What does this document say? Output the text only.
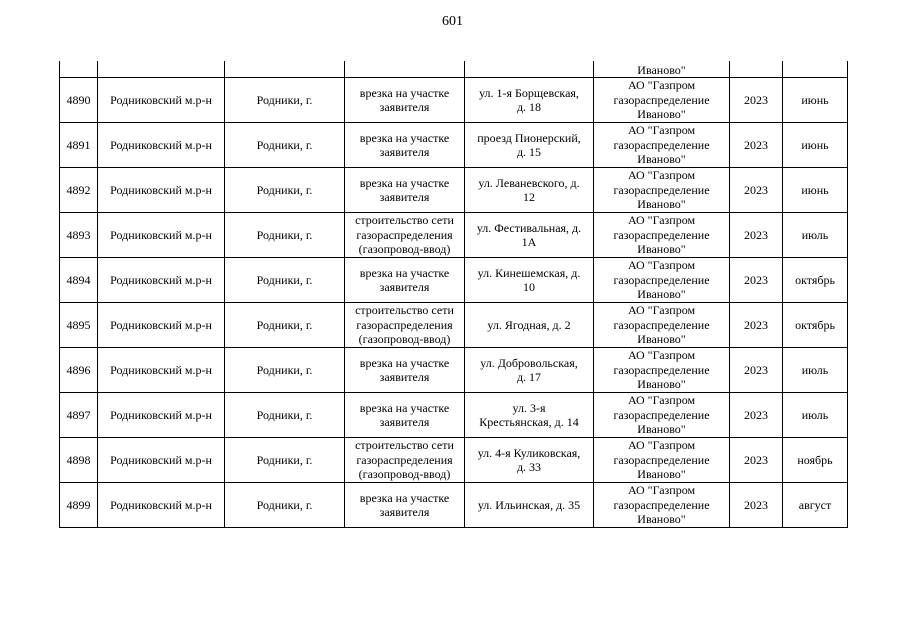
601
					Иваново"		
4890	Родниковский м.р-н	Родники, г.	врезка на участке
заявителя	ул. 1-я Борщевская,
д. 18	АО "Газпром
газораспределение
Иваново"	2023	июнь
4891	Родниковский м.р-н	Родники, г.	врезка на участке
заявителя	проезд Пионерский,
д. 15	АО "Газпром
газораспределение
Иваново"	2023	июнь
4892	Родниковский м.р-н	Родники, г.	врезка на участке
заявителя	ул. Леваневского, д.
12	АО "Газпром
газораспределение
Иваново"	2023	июнь
4893	Родниковский м.р-н	Родники, г.	строительство сети
газораспределения
(газопровод-ввод)	ул. Фестивальная, д.
1А	АО "Газпром
газораспределение
Иваново"	2023	июль
4894	Родниковский м.р-н	Родники, г.	врезка на участке
заявителя	ул. Кинешемская, д.
10	АО "Газпром
газораспределение
Иваново"	2023	октябрь
4895	Родниковский м.р-н	Родники, г.	строительство сети
газораспределения
(газопровод-ввод)	ул. Ягодная, д. 2	АО "Газпром
газораспределение
Иваново"	2023	октябрь
4896	Родниковский м.р-н	Родники, г.	врезка на участке
заявителя	ул. Добровольская,
д. 17	АО "Газпром
газораспределение
Иваново"	2023	июль
4897	Родниковский м.р-н	Родники, г.	врезка на участке
заявителя	ул. 3-я
Крестьянская, д. 14	АО "Газпром
газораспределение
Иваново"	2023	июль
4898	Родниковский м.р-н	Родники, г.	строительство сети
газораспределения
(газопровод-ввод)	ул. 4-я Куликовская,
д. 33	АО "Газпром
газораспределение
Иваново"	2023	ноябрь
4899	Родниковский м.р-н	Родники, г.	врезка на участке
заявителя	ул. Ильинская, д. 35	АО "Газпром
газораспределение
Иваново"	2023	август
